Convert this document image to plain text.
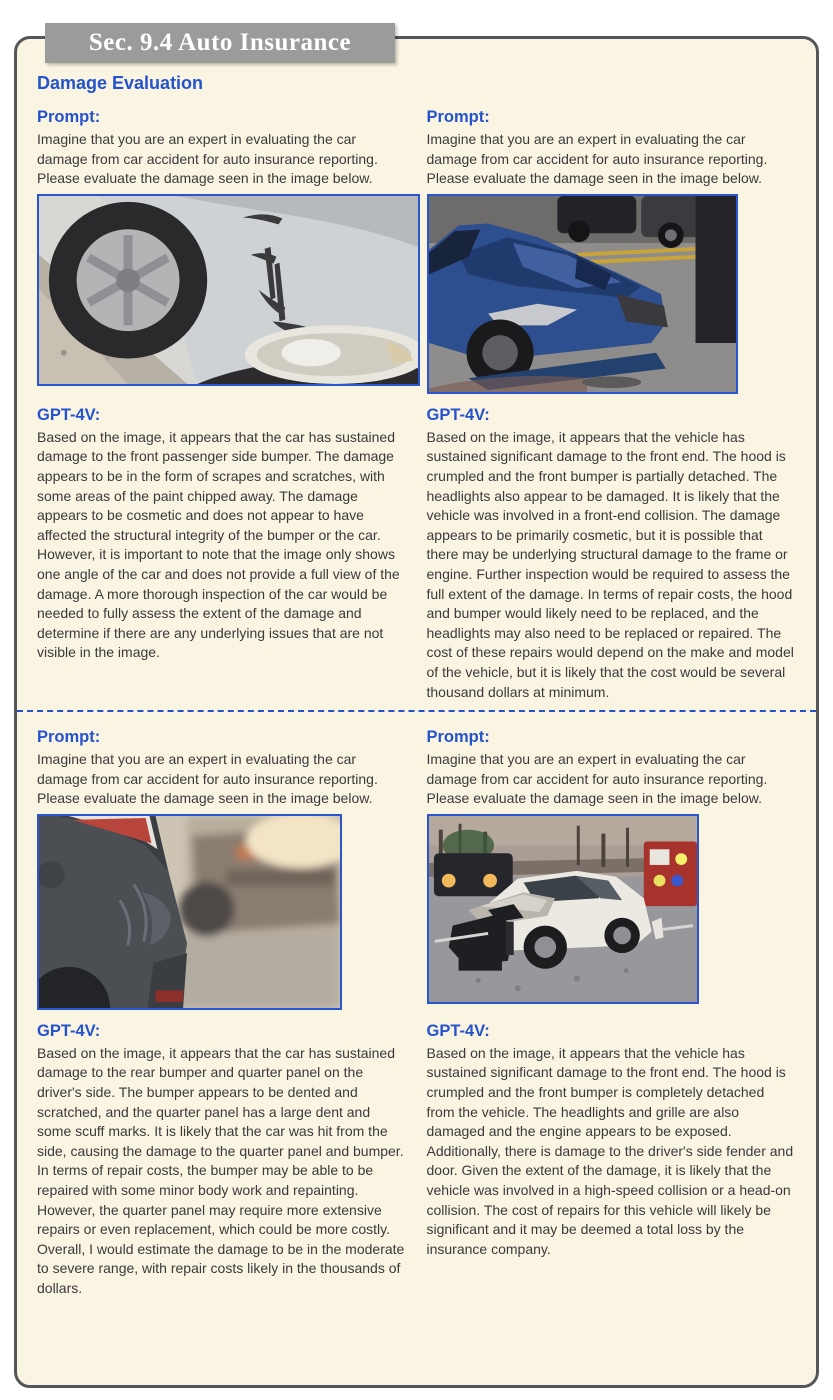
Sec. 9.4 Auto Insurance
Damage Evaluation
Prompt:
Imagine that you are an expert in evaluating the car damage from car accident for auto insurance reporting. Please evaluate the damage seen in the image below.
Prompt:
Imagine that you are an expert in evaluating the car damage from car accident for auto insurance reporting. Please evaluate the damage seen in the image below.
GPT-4V:
Based on the image, it appears that the car has sustained damage to the front passenger side bumper. The damage appears to be in the form of scrapes and scratches, with some areas of the paint chipped away. The damage appears to be cosmetic and does not appear to have affected the structural integrity of the bumper or the car. However, it is important to note that the image only shows one angle of the car and does not provide a full view of the damage. A more thorough inspection of the car would be needed to fully assess the extent of the damage and determine if there are any underlying issues that are not visible in the image.
GPT-4V:
Based on the image, it appears that the vehicle has sustained significant damage to the front end. The hood is crumpled and the front bumper is partially detached. The headlights also appear to be damaged. It is likely that the vehicle was involved in a front-end collision. The damage appears to be primarily cosmetic, but it is possible that there may be underlying structural damage to the frame or engine. Further inspection would be required to assess the full extent of the damage. In terms of repair costs, the hood and bumper would likely need to be replaced, and the headlights may also need to be replaced or repaired. The cost of these repairs would depend on the make and model of the vehicle, but it is likely that the cost would be several thousand dollars at minimum.
Prompt:
Imagine that you are an expert in evaluating the car damage from car accident for auto insurance reporting. Please evaluate the damage seen in the image below.
Prompt:
Imagine that you are an expert in evaluating the car damage from car accident for auto insurance reporting. Please evaluate the damage seen in the image below.
GPT-4V:
Based on the image, it appears that the car has sustained damage to the rear bumper and quarter panel on the driver's side. The bumper appears to be dented and scratched, and the quarter panel has a large dent and some scuff marks. It is likely that the car was hit from the side, causing the damage to the quarter panel and bumper. In terms of repair costs, the bumper may be able to be repaired with some minor body work and repainting. However, the quarter panel may require more extensive repairs or even replacement, which could be more costly. Overall, I would estimate the damage to be in the moderate to severe range, with repair costs likely in the thousands of dollars.
GPT-4V:
Based on the image, it appears that the vehicle has sustained significant damage to the front end. The hood is crumpled and the front bumper is completely detached from the vehicle. The headlights and grille are also damaged and the engine appears to be exposed. Additionally, there is damage to the driver's side fender and door. Given the extent of the damage, it is likely that the vehicle was involved in a high-speed collision or a head-on collision. The cost of repairs for this vehicle will likely be significant and it may be deemed a total loss by the insurance company.
